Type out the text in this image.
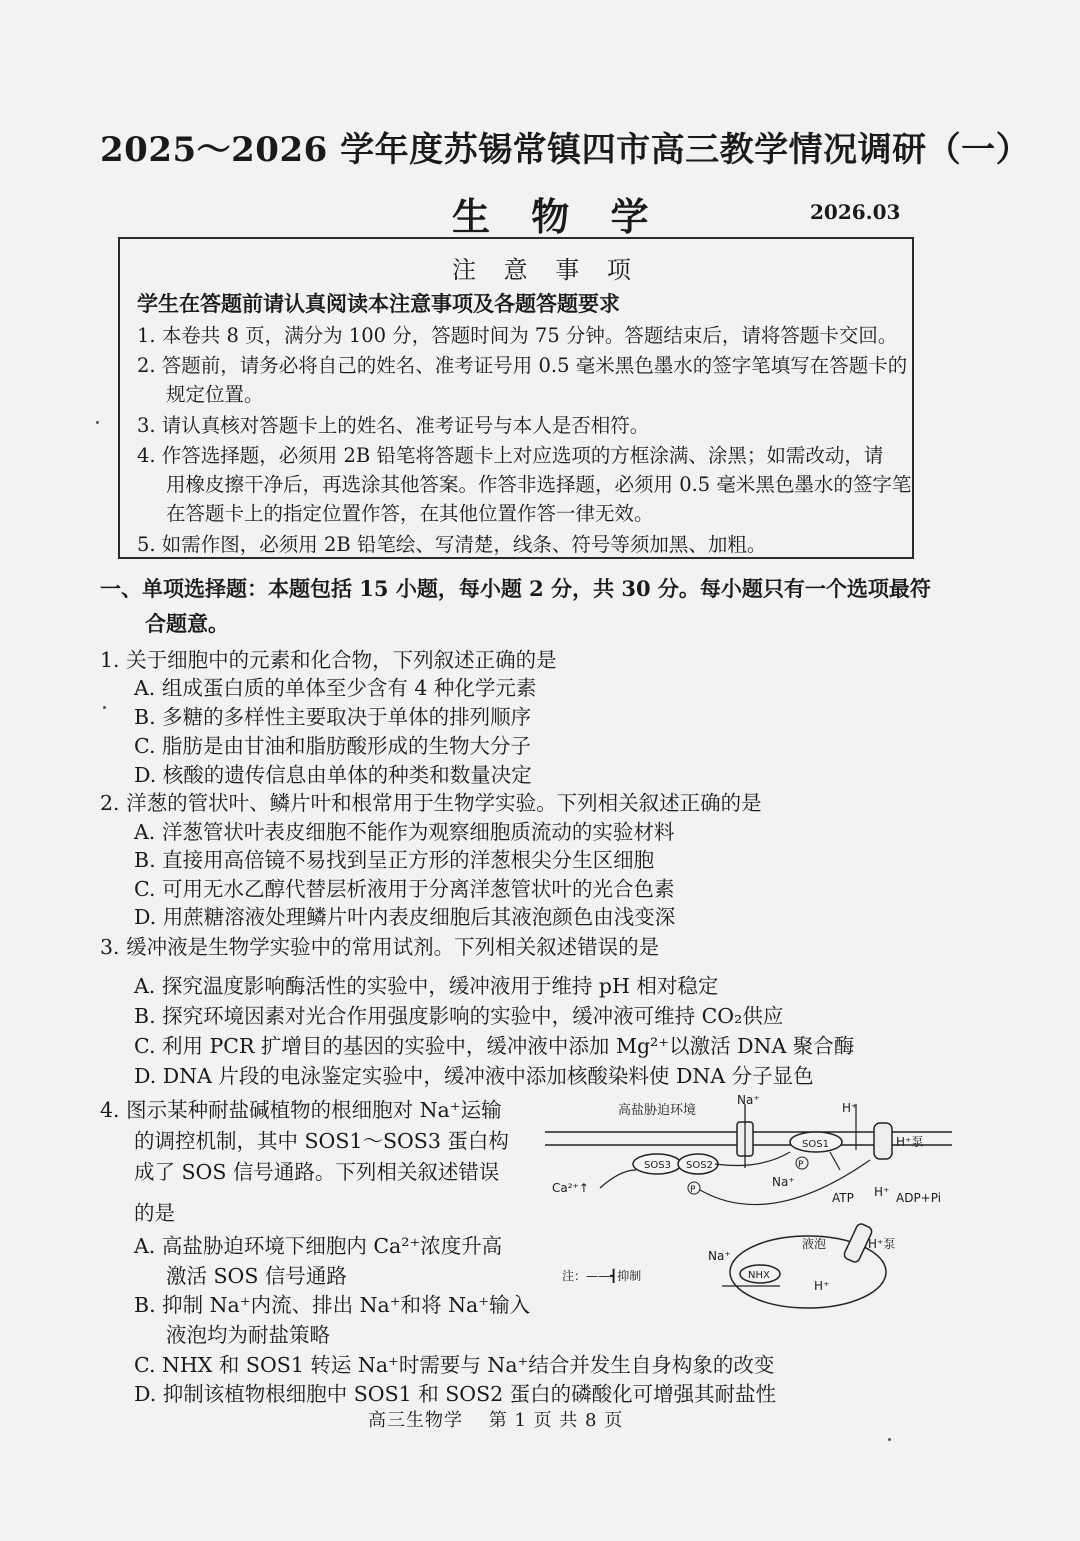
2025～2026 学年度苏锡常镇四市高三教学情况调研（一）
生 物 学	2026.03
注 意 事 项
学生在答题前请认真阅读本注意事项及各题答题要求
1. 本卷共 8 页，满分为 100 分，答题时间为 75 分钟。答题结束后，请将答题卡交回。
2. 答题前，请务必将自己的姓名、准考证号用 0.5 毫米黑色墨水的签字笔填写在答题卡的
规定位置。
3. 请认真核对答题卡上的姓名、准考证号与本人是否相符。
4. 作答选择题，必须用 2B 铅笔将答题卡上对应选项的方框涂满、涂黑；如需改动，请
用橡皮擦干净后，再选涂其他答案。作答非选择题，必须用 0.5 毫米黑色墨水的签字笔
在答题卡上的指定位置作答，在其他位置作答一律无效。
5. 如需作图，必须用 2B 铅笔绘、写清楚，线条、符号等须加黑、加粗。
一、单项选择题：本题包括 15 小题，每小题 2 分，共 30 分。每小题只有一个选项最符
合题意。
1. 关于细胞中的元素和化合物，下列叙述正确的是
A. 组成蛋白质的单体至少含有 4 种化学元素
B. 多糖的多样性主要取决于单体的排列顺序
C. 脂肪是由甘油和脂肪酸形成的生物大分子
D. 核酸的遗传信息由单体的种类和数量决定
2. 洋葱的管状叶、鳞片叶和根常用于生物学实验。下列相关叙述正确的是
A. 洋葱管状叶表皮细胞不能作为观察细胞质流动的实验材料
B. 直接用高倍镜不易找到呈正方形的洋葱根尖分生区细胞
C. 可用无水乙醇代替层析液用于分离洋葱管状叶的光合色素
D. 用蔗糖溶液处理鳞片叶内表皮细胞后其液泡颜色由浅变深
3. 缓冲液是生物学实验中的常用试剂。下列相关叙述错误的是
A. 探究温度影响酶活性的实验中，缓冲液用于维持 pH 相对稳定
B. 探究环境因素对光合作用强度影响的实验中，缓冲液可维持 CO₂供应
C. 利用 PCR 扩增目的基因的实验中，缓冲液中添加 Mg²⁺以激活 DNA 聚合酶
D. DNA 片段的电泳鉴定实验中，缓冲液中添加核酸染料使 DNA 分子显色
4. 图示某种耐盐碱植物的根细胞对 Na⁺运输
的调控机制，其中 SOS1～SOS3 蛋白构
成了 SOS 信号通路。下列相关叙述错误
的是
A. 高盐胁迫环境下细胞内 Ca²⁺浓度升高
激活 SOS 信号通路
B. 抑制 Na⁺内流、排出 Na⁺和将 Na⁺输入
液泡均为耐盐策略
C. NHX 和 SOS1 转运 Na⁺时需要与 Na⁺结合并发生自身构象的改变
D. 抑制该植物根细胞中 SOS1 和 SOS2 蛋白的磷酸化可增强其耐盐性
高盐胁迫环境
Na⁺
SOS1
P
Na⁺
H⁺
H⁺泵
SOS3 SOS2
P
Ca²⁺↑
ATP H⁺ ADP+Pi
液泡	H⁺泵
NHX
Na⁺
H⁺
注：——┫抑制
高三生物学　 第 1 页 共 8 页
